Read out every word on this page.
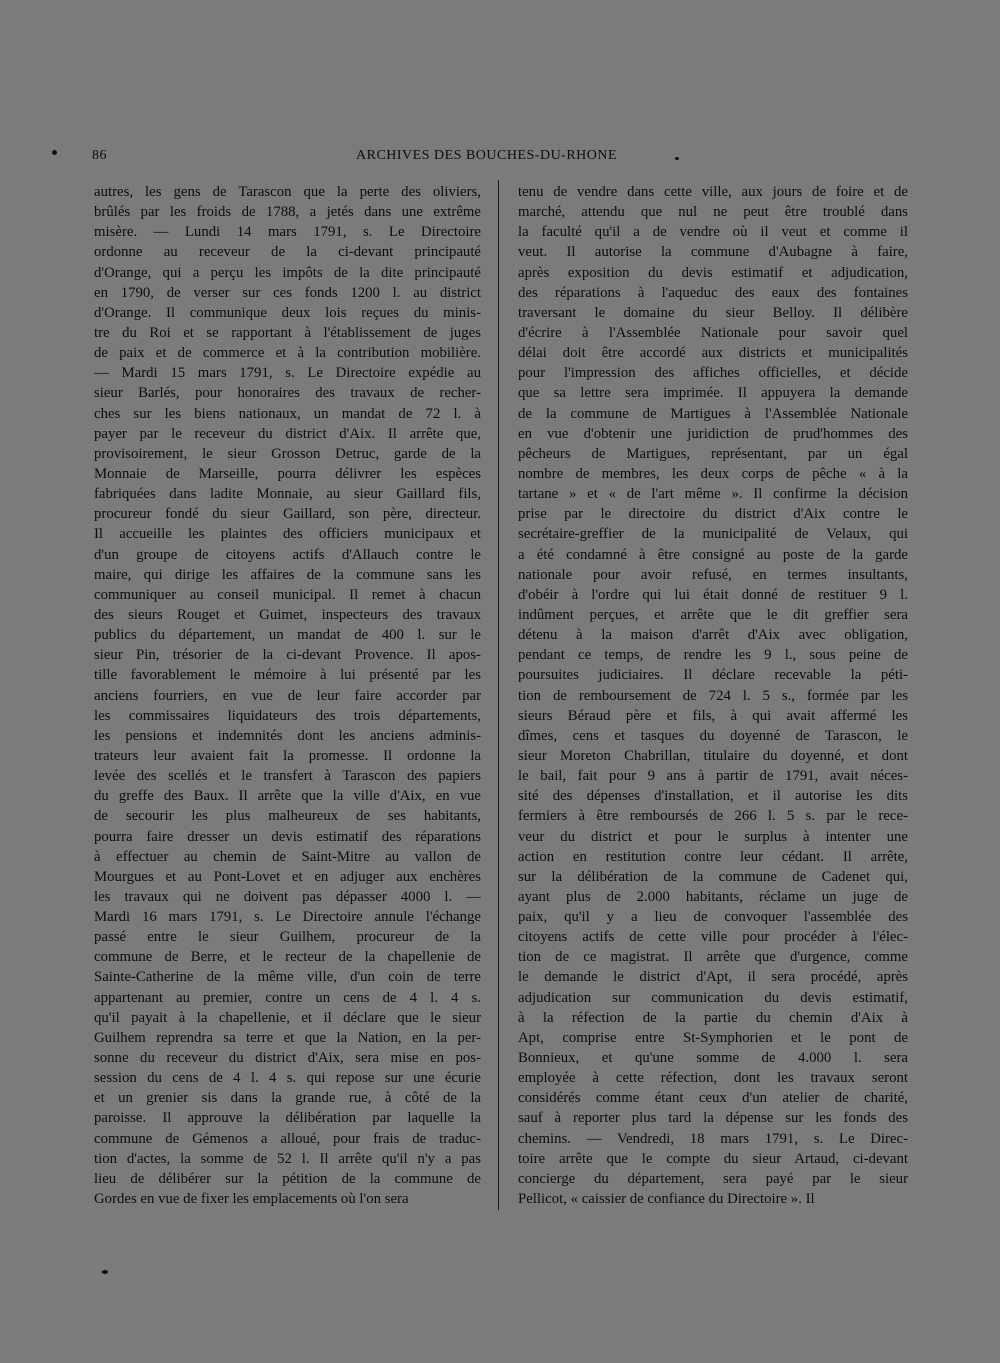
86	ARCHIVES DES BOUCHES-DU-RHONE
autres, les gens de Tarascon que la perte des oliviers,
brûlés par les froids de 1788, a jetés dans une extrême
misère. — Lundi 14 mars 1791, s. Le Directoire
ordonne au receveur de la ci-devant principauté
d'Orange, qui a perçu les impôts de la dite principauté
en 1790, de verser sur ces fonds 1200 l. au district
d'Orange. Il communique deux lois reçues du minis-
tre du Roi et se rapportant à l'établissement de juges
de paix et de commerce et à la contribution mobilière.
— Mardi 15 mars 1791, s. Le Directoire expédie au
sieur Barlés, pour honoraires des travaux de recher-
ches sur les biens nationaux, un mandat de 72 l. à
payer par le receveur du district d'Aix. Il arrête que,
provisoirement, le sieur Grosson Detruc, garde de la
Monnaie de Marseille, pourra délivrer les espèces
fabriquées dans ladite Monnaie, au sieur Gaillard fils,
procureur fondé du sieur Gaillard, son père, directeur.
Il accueille les plaintes des officiers municipaux et
d'un groupe de citoyens actifs d'Allauch contre le
maire, qui dirige les affaires de la commune sans les
communiquer au conseil municipal. Il remet à chacun
des sieurs Rouget et Guimet, inspecteurs des travaux
publics du département, un mandat de 400 l. sur le
sieur Pin, trésorier de la ci-devant Provence. Il apos-
tille favorablement le mémoire à lui présenté par les
anciens fourriers, en vue de leur faire accorder par
les commissaires liquidateurs des trois départements,
les pensions et indemnités dont les anciens adminis-
trateurs leur avaient fait la promesse. Il ordonne la
levée des scellés et le transfert à Tarascon des papiers
du greffe des Baux. Il arrête que la ville d'Aix, en vue
de secourir les plus malheureux de ses habitants,
pourra faire dresser un devis estimatif des réparations
à effectuer au chemin de Saint-Mitre au vallon de
Mourgues et au Pont-Lovet et en adjuger aux enchères
les travaux qui ne doivent pas dépasser 4000 l. —
Mardi 16 mars 1791, s. Le Directoire annule l'échange
passé entre le sieur Guilhem, procureur de la
commune de Berre, et le recteur de la chapellenie de
Sainte-Catherine de la même ville, d'un coin de terre
appartenant au premier, contre un cens de 4 l. 4 s.
qu'il payait à la chapellenie, et il déclare que le sieur
Guilhem reprendra sa terre et que la Nation, en la per-
sonne du receveur du district d'Aix, sera mise en pos-
session du cens de 4 l. 4 s. qui repose sur une écurie
et un grenier sis dans la grande rue, à côté de la
paroisse. Il approuve la délibération par laquelle la
commune de Gémenos a alloué, pour frais de traduc-
tion d'actes, la somme de 52 l. Il arrête qu'il n'y a pas
lieu de délibérer sur la pétition de la commune de
Gordes en vue de fixer les emplacements où l'on sera
tenu de vendre dans cette ville, aux jours de foire et de
marché, attendu que nul ne peut être troublé dans
la faculté qu'il a de vendre où il veut et comme il
veut. Il autorise la commune d'Aubagne à faire,
après exposition du devis estimatif et adjudication,
des réparations à l'aqueduc des eaux des fontaines
traversant le domaine du sieur Belloy. Il délibère
d'écrire à l'Assemblée Nationale pour savoir quel
délai doit être accordé aux districts et municipalités
pour l'impression des affiches officielles, et décide
que sa lettre sera imprimée. Il appuyera la demande
de la commune de Martigues à l'Assemblée Nationale
en vue d'obtenir une juridiction de prud'hommes des
pêcheurs de Martigues, représentant, par un égal
nombre de membres, les deux corps de pêche « à la
tartane » et « de l'art même ». Il confirme la décision
prise par le directoire du district d'Aix contre le
secrétaire-greffier de la municipalité de Velaux, qui
a été condamné à être consigné au poste de la garde
nationale pour avoir refusé, en termes insultants,
d'obéir à l'ordre qui lui était donné de restituer 9 l.
indûment perçues, et arrête que le dit greffier sera
détenu à la maison d'arrêt d'Aix avec obligation,
pendant ce temps, de rendre les 9 l., sous peine de
poursuites judiciaires. Il déclare recevable la péti-
tion de remboursement de 724 l. 5 s., formée par les
sieurs Béraud père et fils, à qui avait affermé les
dîmes, cens et tasques du doyenné de Tarascon, le
sieur Moreton Chabrillan, titulaire du doyenné, et dont
le bail, fait pour 9 ans à partir de 1791, avait néces-
sité des dépenses d'installation, et il autorise les dits
fermiers à être remboursés de 266 l. 5 s. par le rece-
veur du district et pour le surplus à intenter une
action en restitution contre leur cédant. Il arrête,
sur la délibération de la commune de Cadenet qui,
ayant plus de 2.000 habitants, réclame un juge de
paix, qu'il y a lieu de convoquer l'assemblée des
citoyens actifs de cette ville pour procéder à l'élec-
tion de ce magistrat. Il arrête que d'urgence, comme
le demande le district d'Apt, il sera procédé, après
adjudication sur communication du devis estimatif,
à la réfection de la partie du chemin d'Aix à
Apt, comprise entre St-Symphorien et le pont de
Bonnieux, et qu'une somme de 4.000 l. sera
employée à cette réfection, dont les travaux seront
considérés comme étant ceux d'un atelier de charité,
sauf à reporter plus tard la dépense sur les fonds des
chemins. — Vendredi, 18 mars 1791, s. Le Direc-
toire arrête que le compte du sieur Artaud, ci-devant
concierge du département, sera payé par le sieur
Pellicot, « caissier de confiance du Directoire ». Il
